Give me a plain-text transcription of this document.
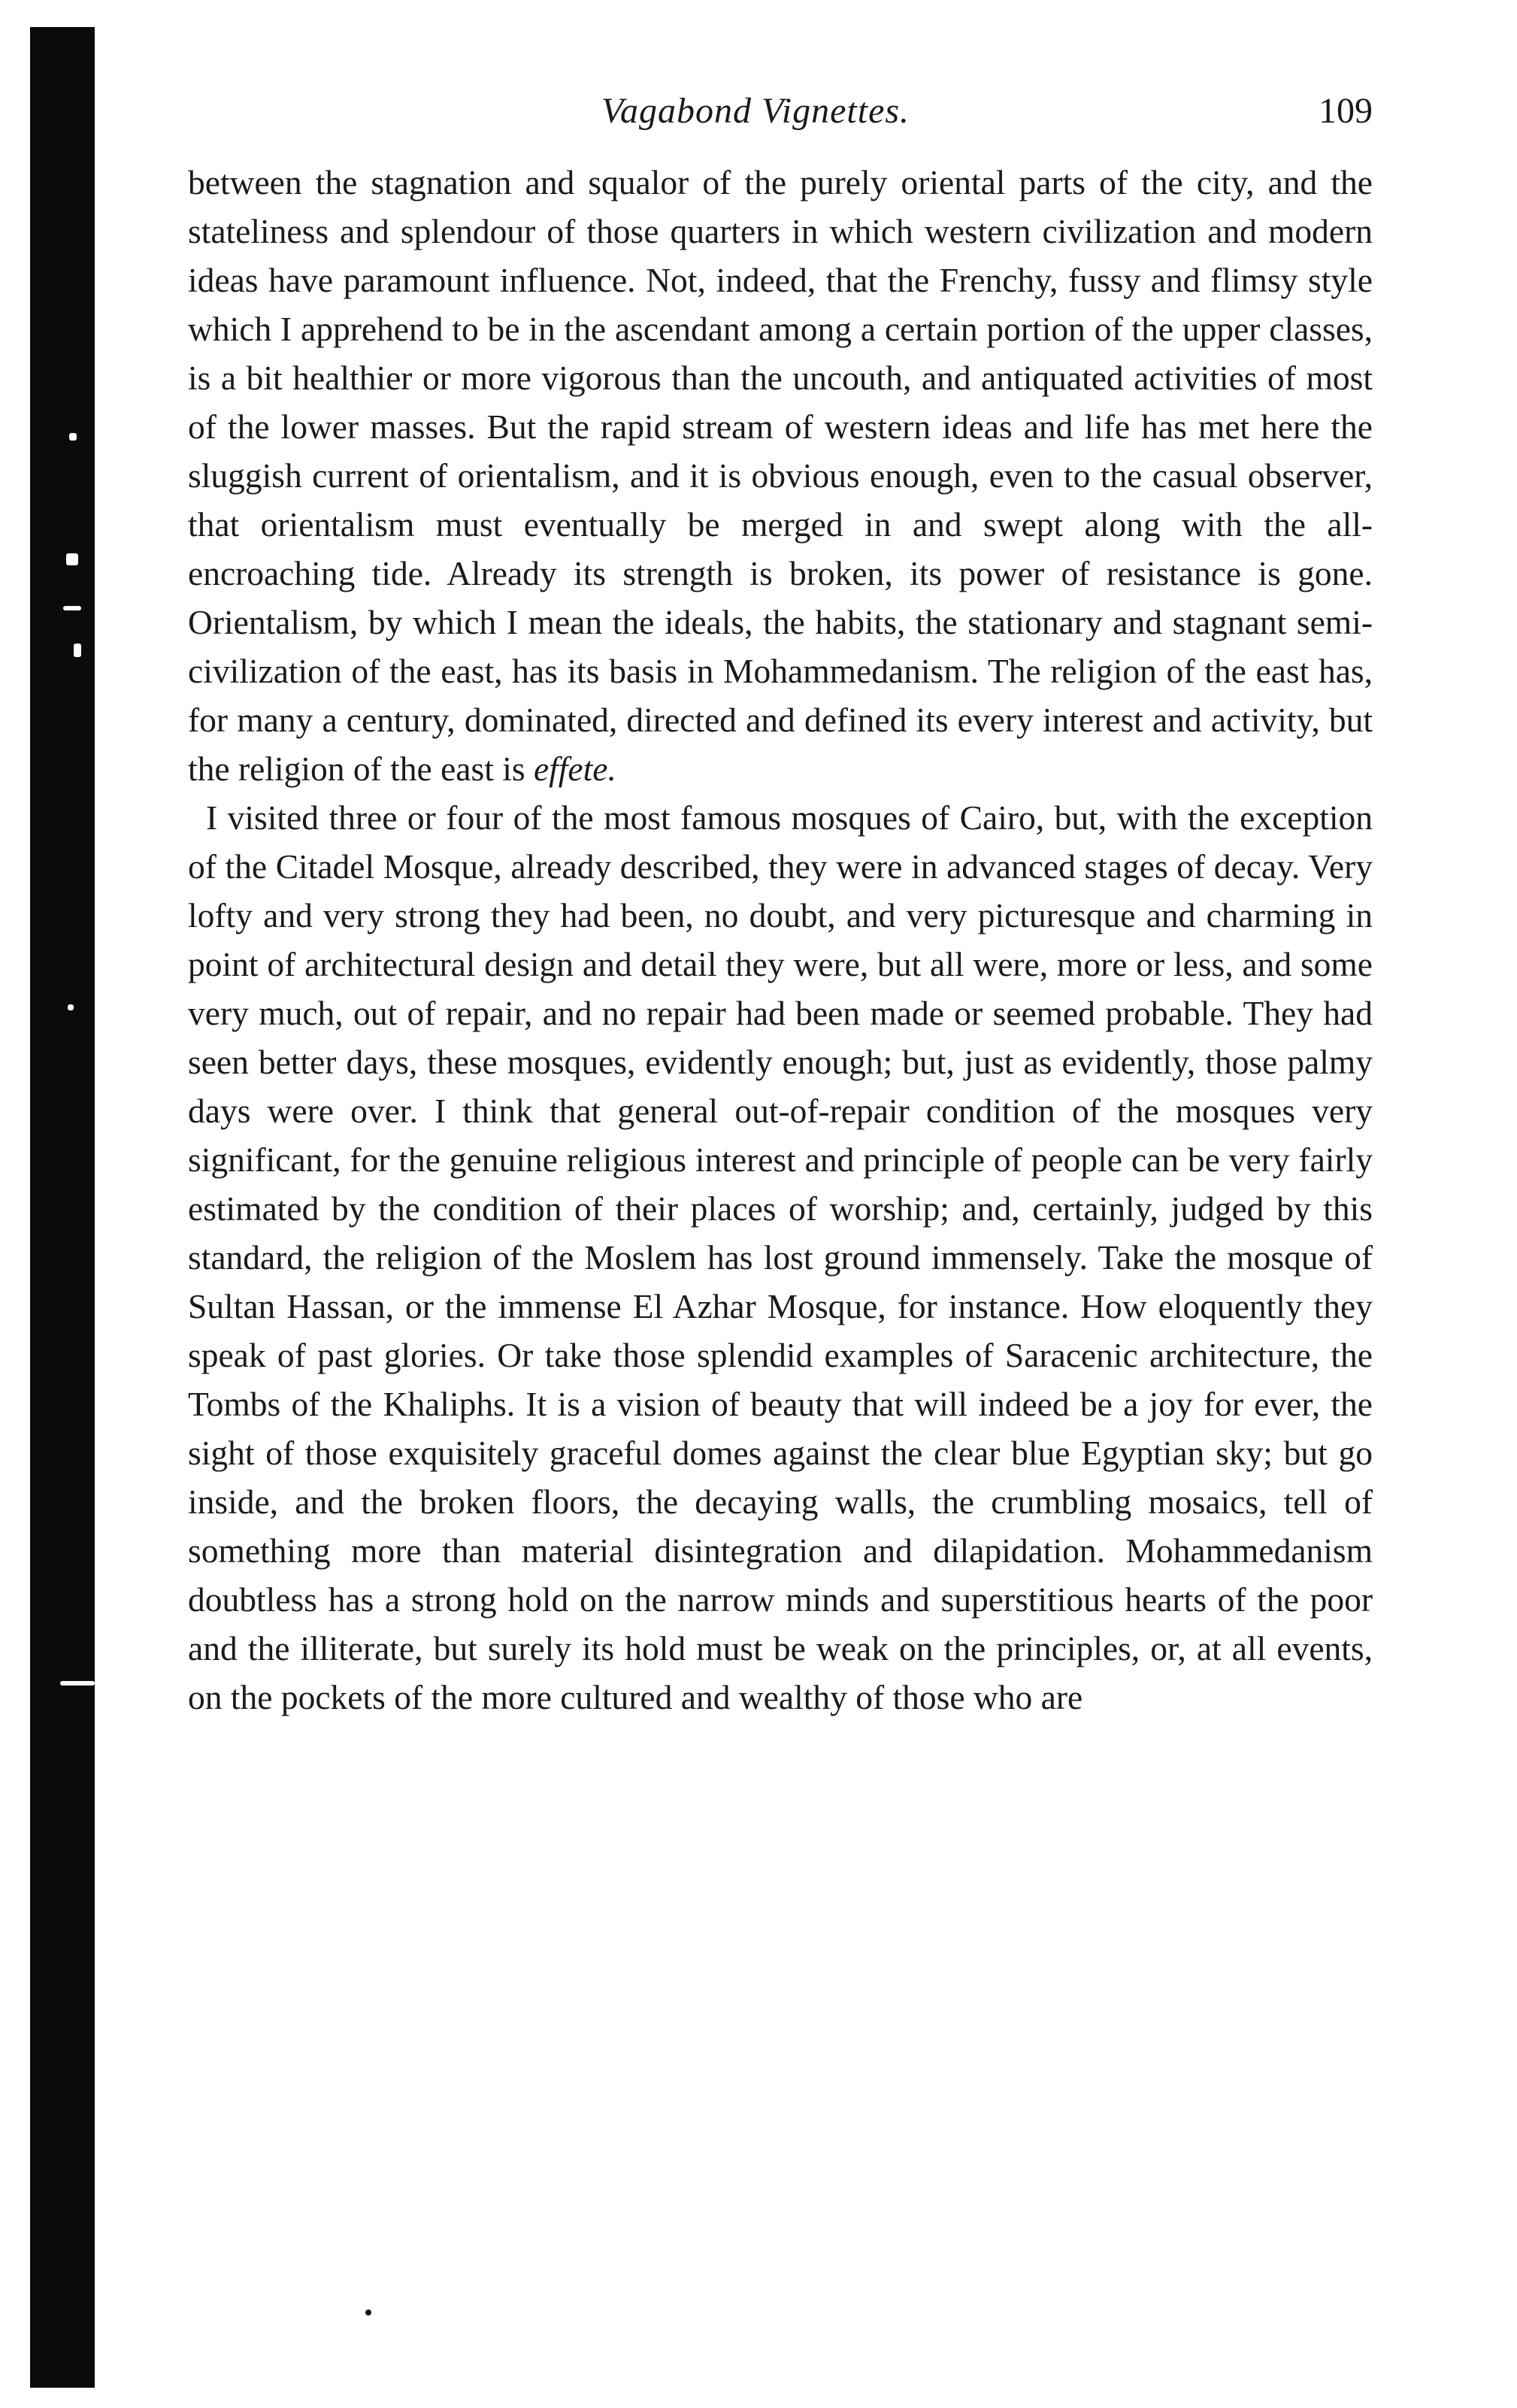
Vagabond Vignettes.	109

between the stagnation and squalor of the purely oriental parts of the city, and the stateliness and splendour of those quarters in which western civilization and modern ideas have paramount influence. Not, indeed, that the Frenchy, fussy and flimsy style which I apprehend to be in the ascendant among a certain portion of the upper classes, is a bit healthier or more vigorous than the uncouth, and antiquated activities of most of the lower masses. But the rapid stream of western ideas and life has met here the sluggish current of orientalism, and it is obvious enough, even to the casual observer, that orientalism must eventually be merged in and swept along with the all-encroaching tide. Already its strength is broken, its power of resistance is gone. Orientalism, by which I mean the ideals, the habits, the stationary and stagnant semi-civilization of the east, has its basis in Mohammedanism. The religion of the east has, for many a century, dominated, directed and defined its every interest and activity, but the religion of the east is effete.

I visited three or four of the most famous mosques of Cairo, but, with the exception of the Citadel Mosque, already described, they were in advanced stages of decay. Very lofty and very strong they had been, no doubt, and very picturesque and charming in point of architectural design and detail they were, but all were, more or less, and some very much, out of repair, and no repair had been made or seemed probable. They had seen better days, these mosques, evidently enough; but, just as evidently, those palmy days were over. I think that general out-of-repair condition of the mosques very significant, for the genuine religious interest and principle of people can be very fairly estimated by the condition of their places of worship; and, certainly, judged by this standard, the religion of the Moslem has lost ground immensely. Take the mosque of Sultan Hassan, or the immense El Azhar Mosque, for instance. How eloquently they speak of past glories. Or take those splendid examples of Saracenic architecture, the Tombs of the Khaliphs. It is a vision of beauty that will indeed be a joy for ever, the sight of those exquisitely graceful domes against the clear blue Egyptian sky; but go inside, and the broken floors, the decaying walls, the crumbling mosaics, tell of something more than material disintegration and dilapidation. Mohammedanism doubtless has a strong hold on the narrow minds and superstitious hearts of the poor and the illiterate, but surely its hold must be weak on the principles, or, at all events, on the pockets of the more cultured and wealthy of those who are
